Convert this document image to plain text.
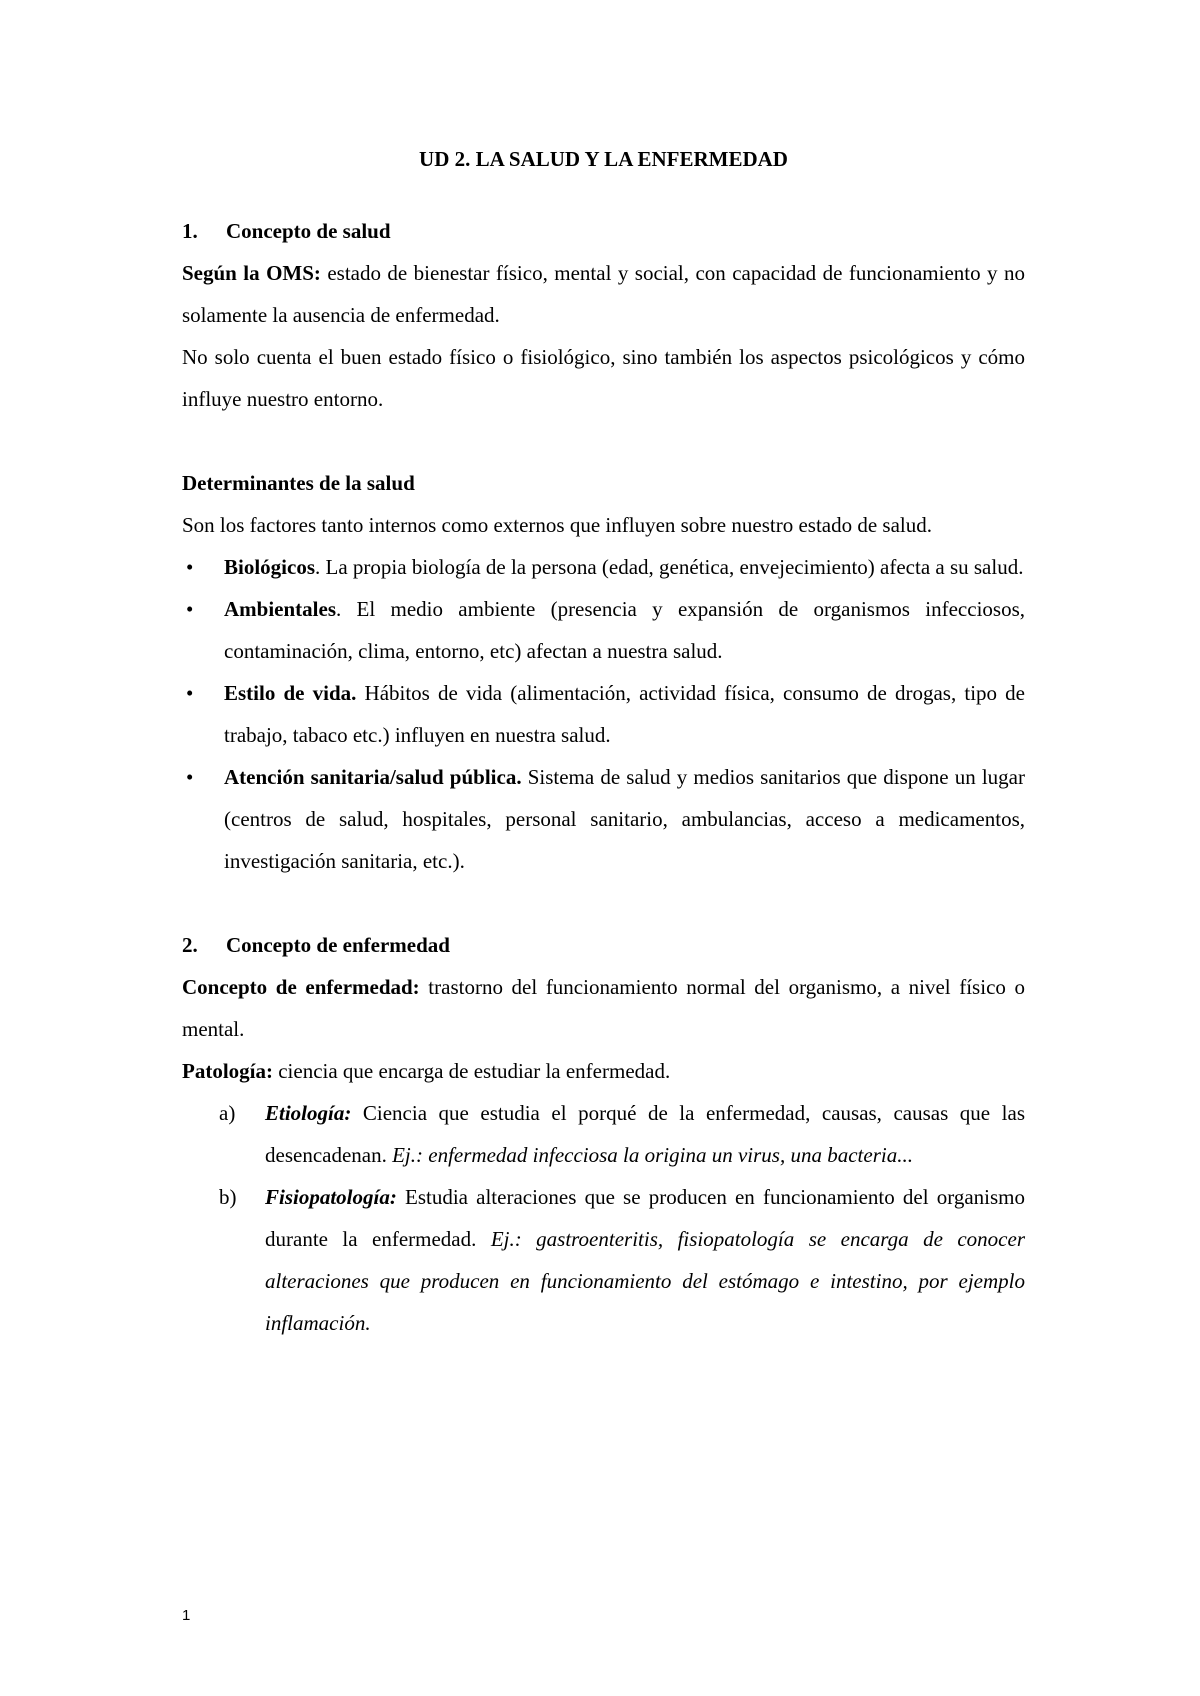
UD 2. LA SALUD Y LA ENFERMEDAD
1. Concepto de salud

Según la OMS: estado de bienestar físico, mental y social, con capacidad de funcionamiento y no solamente la ausencia de enfermedad.

No solo cuenta el buen estado físico o fisiológico, sino también los aspectos psicológicos y cómo influye nuestro entorno.

Determinantes de la salud

Son los factores tanto internos como externos que influyen sobre nuestro estado de salud.

• Biológicos. La propia biología de la persona (edad, genética, envejecimiento) afecta a su salud.
• Ambientales. El medio ambiente (presencia y expansión de organismos infecciosos, contaminación, clima, entorno, etc) afectan a nuestra salud.
• Estilo de vida. Hábitos de vida (alimentación, actividad física, consumo de drogas, tipo de trabajo, tabaco etc.) influyen en nuestra salud.
• Atención sanitaria/salud pública. Sistema de salud y medios sanitarios que dispone un lugar (centros de salud, hospitales, personal sanitario, ambulancias, acceso a medicamentos, investigación sanitaria, etc.).
2. Concepto de enfermedad

Concepto de enfermedad: trastorno del funcionamiento normal del organismo, a nivel físico o mental.

Patología: ciencia que encarga de estudiar la enfermedad.

a) Etiología: Ciencia que estudia el porqué de la enfermedad, causas, causas que las desencadenan. Ej.: enfermedad infecciosa la origina un virus, una bacteria...
b) Fisiopatología: Estudia alteraciones que se producen en funcionamiento del organismo durante la enfermedad. Ej.: gastroenteritis, fisiopatología se encarga de conocer alteraciones que producen en funcionamiento del estómago e intestino, por ejemplo inflamación.
1
